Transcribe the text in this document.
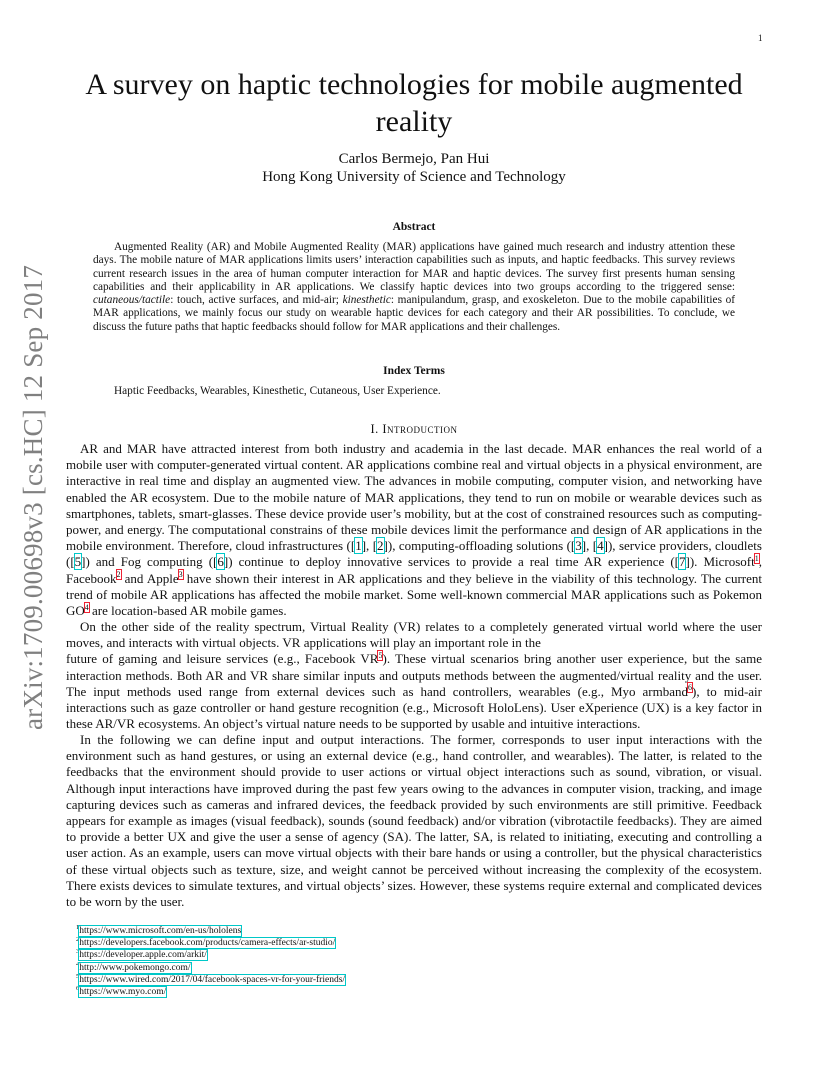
1
arXiv:1709.00698v3 [cs.HC] 12 Sep 2017
A survey on haptic technologies for mobile augmented reality
Carlos Bermejo, Pan Hui
Hong Kong University of Science and Technology
Abstract
Augmented Reality (AR) and Mobile Augmented Reality (MAR) applications have gained much research and industry attention these days. The mobile nature of MAR applications limits users’ interaction capabilities such as inputs, and haptic feedbacks. This survey reviews current research issues in the area of human computer interaction for MAR and haptic devices. The survey first presents human sensing capabilities and their applicability in AR applications. We classify haptic devices into two groups according to the triggered sense: cutaneous/tactile: touch, active surfaces, and mid-air; kinesthetic: manipulandum, grasp, and exoskeleton. Due to the mobile capabilities of MAR applications, we mainly focus our study on wearable haptic devices for each category and their AR possibilities. To conclude, we discuss the future paths that haptic feedbacks should follow for MAR applications and their challenges.
Index Terms
Haptic Feedbacks, Wearables, Kinesthetic, Cutaneous, User Experience.
I. Introduction

AR and MAR have attracted interest from both industry and academia in the last decade. MAR enhances the real world of a mobile user with computer-generated virtual content. AR applications combine real and virtual objects in a physical environment, are interactive in real time and display an augmented view. The advances in mobile computing, computer vision, and networking have enabled the AR ecosystem. Due to the mobile nature of MAR applications, they tend to run on mobile or wearable devices such as smartphones, tablets, smart-glasses. These device provide user’s mobility, but at the cost of constrained resources such as computing-power, and energy. The computational constrains of these mobile devices limit the performance and design of AR applications in the mobile environment. Therefore, cloud infrastructures ([1], [2]), computing-offloading solutions ([3], [4]), service providers, cloudlets ([5]) and Fog computing ([6]) continue to deploy innovative services to provide a real time AR experience ([7]). Microsoft$^1$, Facebook$^2$ and Apple$^3$ have shown their interest in AR applications and they believe in the viability of this technology. The current trend of mobile AR applications has affected the mobile market. Some well-known commercial MAR applications such as Pokemon GO$^4$ are location-based AR mobile games.

On the other side of the reality spectrum, Virtual Reality (VR) relates to a completely generated virtual world where the user moves, and interacts with virtual objects. VR applications will play an important role in the
future of gaming and leisure services (e.g., Facebook VR$^5$). These virtual scenarios bring another user experience, but the same interaction methods. Both AR and VR share similar inputs and outputs methods between the augmented/virtual reality and the user. The input methods used range from external devices such as hand controllers, wearables (e.g., Myo armband$^6$), to mid-air interactions such as gaze controller or hand gesture recognition (e.g., Microsoft HoloLens). User eXperience (UX) is a key factor in these AR/VR ecosystems. An object’s virtual nature needs to be supported by usable and intuitive interactions.

In the following we can define input and output interactions. The former, corresponds to user input interactions with the environment such as hand gestures, or using an external device (e.g., hand controller, and wearables). The latter, is related to the feedbacks that the environment should provide to user actions or virtual object interactions such as sound, vibration, or visual. Although input interactions have improved during the past few years owing to the advances in computer vision, tracking, and image capturing devices such as cameras and infrared devices, the feedback provided by such environments are still primitive. Feedback appears for example as images (visual feedback), sounds (sound feedback) and/or vibration (vibrotactile feedbacks). They are aimed to provide a better UX and give the user a sense of agency (SA). The latter, SA, is related to initiating, executing and controlling a user action. As an example, users can move virtual objects with their bare hands or using a controller, but the physical characteristics of these virtual objects such as texture, size, and weight cannot be perceived without increasing the complexity of the ecosystem. There exists devices to simulate textures, and virtual objects’ sizes. However, these systems require external and complicated devices to be worn by the user.

$^1$https://www.microsoft.com/en-us/hololens
$^2$https://developers.facebook.com/products/camera-effects/ar-studio/
$^3$https://developer.apple.com/arkit/
$^4$http://www.pokemongo.com/
$^5$https://www.wired.com/2017/04/facebook-spaces-vr-for-your-friends/
$^6$https://www.myo.com/
